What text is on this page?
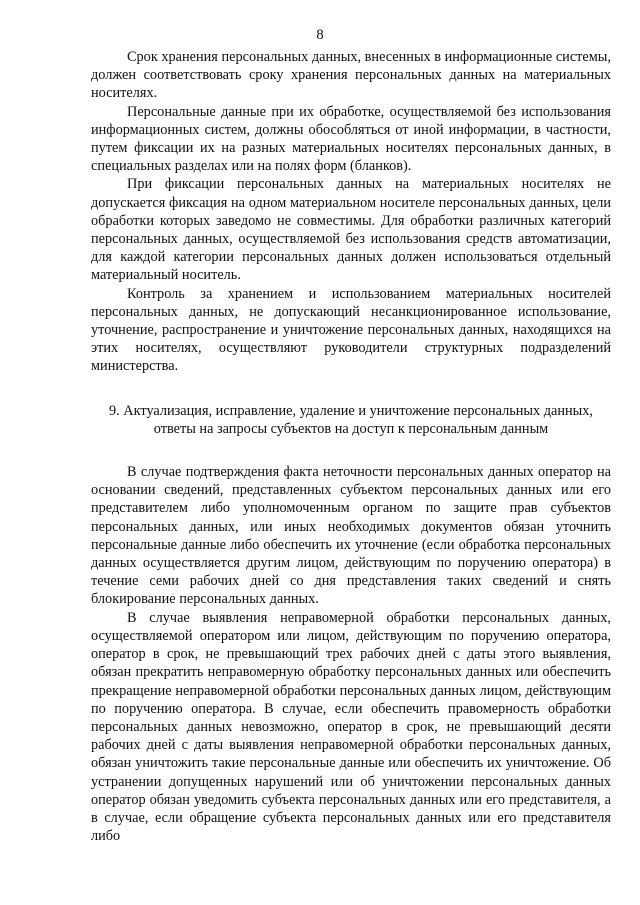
8

Срок хранения персональных данных, внесенных в информационные системы, должен соответствовать сроку хранения персональных данных на материальных носителях.

Персональные данные при их обработке, осуществляемой без использования информационных систем, должны обособляться от иной информации, в частности, путем фиксации их на разных материальных носителях персональных данных, в специальных разделах или на полях форм (бланков).

При фиксации персональных данных на материальных носителях не допускается фиксация на одном материальном носителе персональных данных, цели обработки которых заведомо не совместимы. Для обработки различных категорий персональных данных, осуществляемой без использования средств автоматизации, для каждой категории персональных данных должен использоваться отдельный материальный носитель.

Контроль за хранением и использованием материальных носителей персональных данных, не допускающий несанкционированное использование, уточнение, распространение и уничтожение персональных данных, находящихся на этих носителях, осуществляют руководители структурных подразделений министерства.

9. Актуализация, исправление, удаление и уничтожение персональных данных,
ответы на запросы субъектов на доступ к персональным данным

В случае подтверждения факта неточности персональных данных оператор на основании сведений, представленных субъектом персональных данных или его представителем либо уполномоченным органом по защите прав субъектов персональных данных, или иных необходимых документов обязан уточнить персональные данные либо обеспечить их уточнение (если обработка персональных данных осуществляется другим лицом, действующим по поручению оператора) в течение семи рабочих дней со дня представления таких сведений и снять блокирование персональных данных.

В случае выявления неправомерной обработки персональных данных, осуществляемой оператором или лицом, действующим по поручению оператора, оператор в срок, не превышающий трех рабочих дней с даты этого выявления, обязан прекратить неправомерную обработку персональных данных или обеспечить прекращение неправомерной обработки персональных данных лицом, действующим по поручению оператора. В случае, если обеспечить правомерность обработки персональных данных невозможно, оператор в срок, не превышающий десяти рабочих дней с даты выявления неправомерной обработки персональных данных, обязан уничтожить такие персональные данные или обеспечить их уничтожение. Об устранении допущенных нарушений или об уничтожении персональных данных оператор обязан уведомить субъекта персональных данных или его представителя, а в случае, если обращение субъекта персональных данных или его представителя либо
